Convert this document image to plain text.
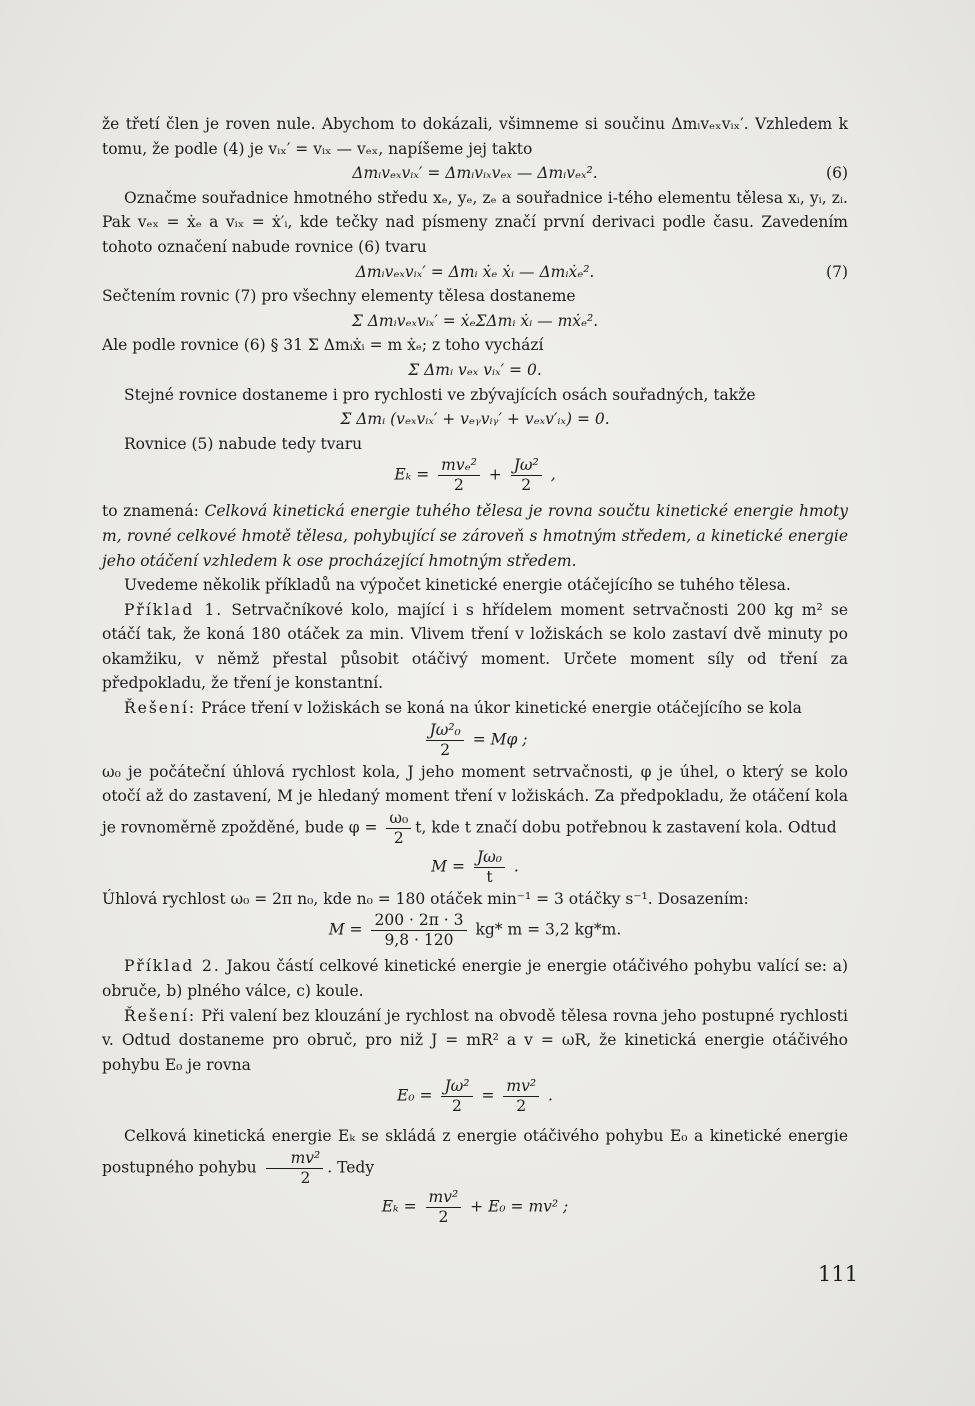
že třetí člen je roven nule. Abychom to dokázali, všimneme si součinu Δmᵢvₑₓvᵢₓ′. Vzhledem k tomu, že podle (4) je vᵢₓ′ = vᵢₓ — vₑₓ, napíšeme jej takto

Δmᵢvₑₓvᵢₓ′ = Δmᵢvᵢₓvₑₓ — Δmᵢvₑₓ².	(6)

Označme souřadnice hmotného středu xₑ, yₑ, zₑ a souřadnice i-tého elementu tělesa xᵢ, yᵢ, zᵢ. Pak vₑₓ = ẋₑ a vᵢₓ = ẋ′ᵢ, kde tečky nad písmeny značí první derivaci podle času. Zavedením tohoto označení nabude rovnice (6) tvaru

Δmᵢvₑₓvᵢₓ′ = Δmᵢ ẋₑ ẋᵢ — Δmᵢẋₑ².	(7)

Sečtením rovnic (7) pro všechny elementy tělesa dostaneme

Σ Δmᵢvₑₓvᵢₓ′ = ẋₑΣΔmᵢ ẋᵢ — mẋₑ².

Ale podle rovnice (6) § 31 Σ Δmᵢẋᵢ = m ẋₑ; z toho vychází

Σ Δmᵢ vₑₓ vᵢₓ′ = 0.

Stejné rovnice dostaneme i pro rychlosti ve zbývajících osách souřadných, takže

Σ Δmᵢ (vₑₓvᵢₓ′ + vₑᵧvᵢᵧ′ + vₑₓv′ᵢₓ) = 0.

Rovnice (5) nabude tedy tvaru

$E_k = \frac{\text{mvₑ²}}{2} + \frac{\text{Jω²}}{2}$ ,

to znamená: Celková kinetická energie tuhého tělesa je rovna součtu kinetické energie hmoty m, rovné celkové hmotě tělesa, pohybující se zároveň s hmotným středem, a kinetické energie jeho otáčení vzhledem k ose procházející hmotným středem.

Uvedeme několik příkladů na výpočet kinetické energie otáčejícího se tuhého tělesa.

Příklad 1. Setrvačníkové kolo, mající i s hřídelem moment setrvačnosti 200 kg m² se otáčí tak, že koná 180 otáček za min. Vlivem tření v ložiskách se kolo zastaví dvě minuty po okamžiku, v němž přestal působit otáčivý moment. Určete moment síly od tření za předpokladu, že tření je konstantní.

Řešení: Práce tření v ložiskách se koná na úkor kinetické energie otáčejícího se kola

$\frac{\text{Jω²₀}}{2} = M\varphi$ ;

ω₀ je počáteční úhlová rychlost kola, J jeho moment setrvačnosti, φ je úhel, o který se kolo otočí až do zastavení, M je hledaný moment tření v ložiskách. Za předpokladu, že otáčení kola je rovnoměrně zpožděné, bude $\varphi = \frac{\text{ω₀}}{2} t$, kde t značí dobu potřebnou k zastavení kola. Odtud

$M = \frac{\text{Jω₀}}{t}$ .

Úhlová rychlost ω₀ = 2π n₀, kde n₀ = 180 otáček min⁻¹ = 3 otáčky s⁻¹. Dosazením:

$M = \frac{200 \cdot 2\pi \cdot 3}{9,8 \cdot 120} kg*$ m = 3,2 kg*m.

Příklad 2. Jakou částí celkové kinetické energie je energie otáčivého pohybu valící se: a) obruče, b) plného válce, c) koule.

Řešení: Při valení bez klouzání je rychlost na obvodě tělesa rovna jeho postupné rychlosti v. Odtud dostaneme pro obruč, pro niž J = mR² a v = ωR, že kinetická energie otáčivého pohybu E₀ je rovna

$E_0 = \frac{\text{Jω²}}{2} = \frac{\text{mv²}}{2}$ .

Celková kinetická energie Eₖ se skládá z energie otáčivého pohybu E₀ a kinetické energie postupného pohybu $\frac{\text{mv²}}{2}$ . Tedy

$E_k = \frac{\text{mv²}}{2} + E_0 = mv^2$ ;
111
